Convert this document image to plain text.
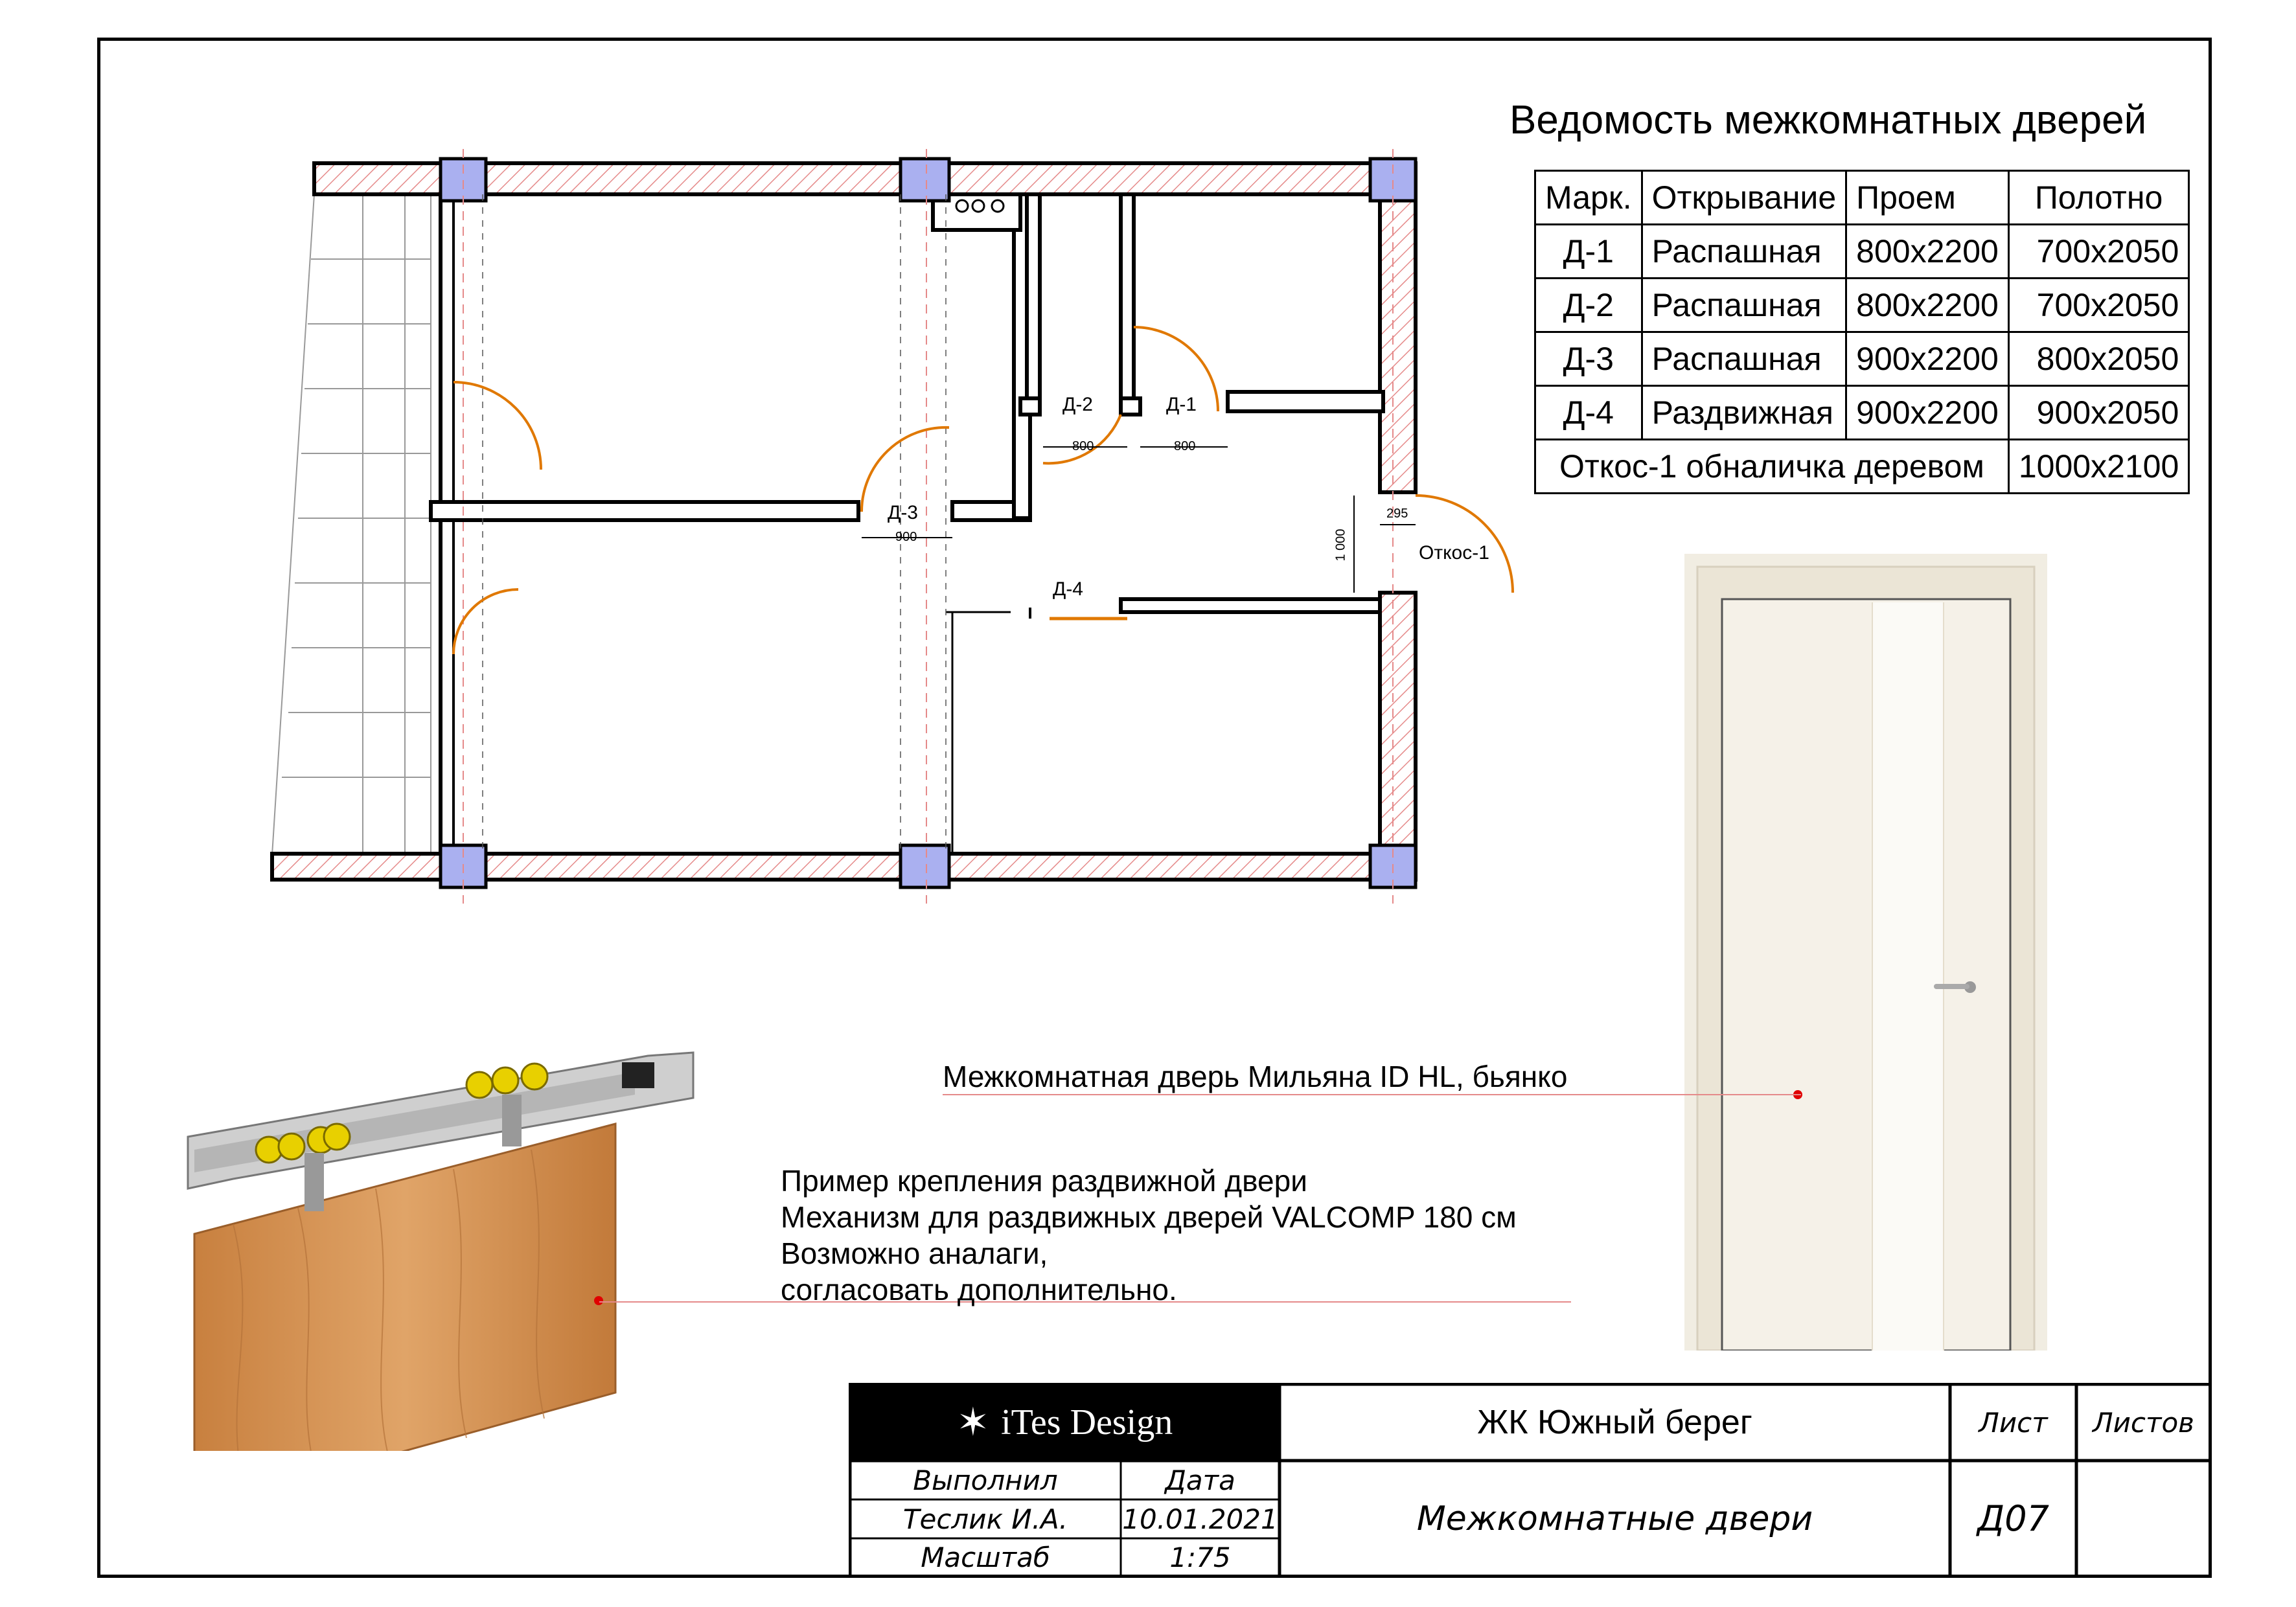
Д-2	Д-1
Д-3
Д-4
Откос-1
800	800
900
295
1 000
Ведомость межкомнатных дверей
Марк.	Открывание	Проем	Полотно
Д-1	Распашная	800х2200	700х2050
Д-2	Распашная	800х2200	700х2050
Д-3	Распашная	900х2200	800х2050
Д-4	Раздвижная	900х2200	900х2050
Откос-1 обналичка деревом			1000х2100
Межкомнатная дверь Мильяна ID HL, бьянко
Пример крепления раздвижной двери
Механизм для раздвижных дверей VALCOMP 180 см
Возможно аналаги,
согласовать дополнительно.
✶ iTes Design	ЖК Южный берег	Лист	Листов
Выполнил	Дата
Теслик И.А.	10.01.2021
Масштаб	1:75
Межкомнатные двери	Д07
